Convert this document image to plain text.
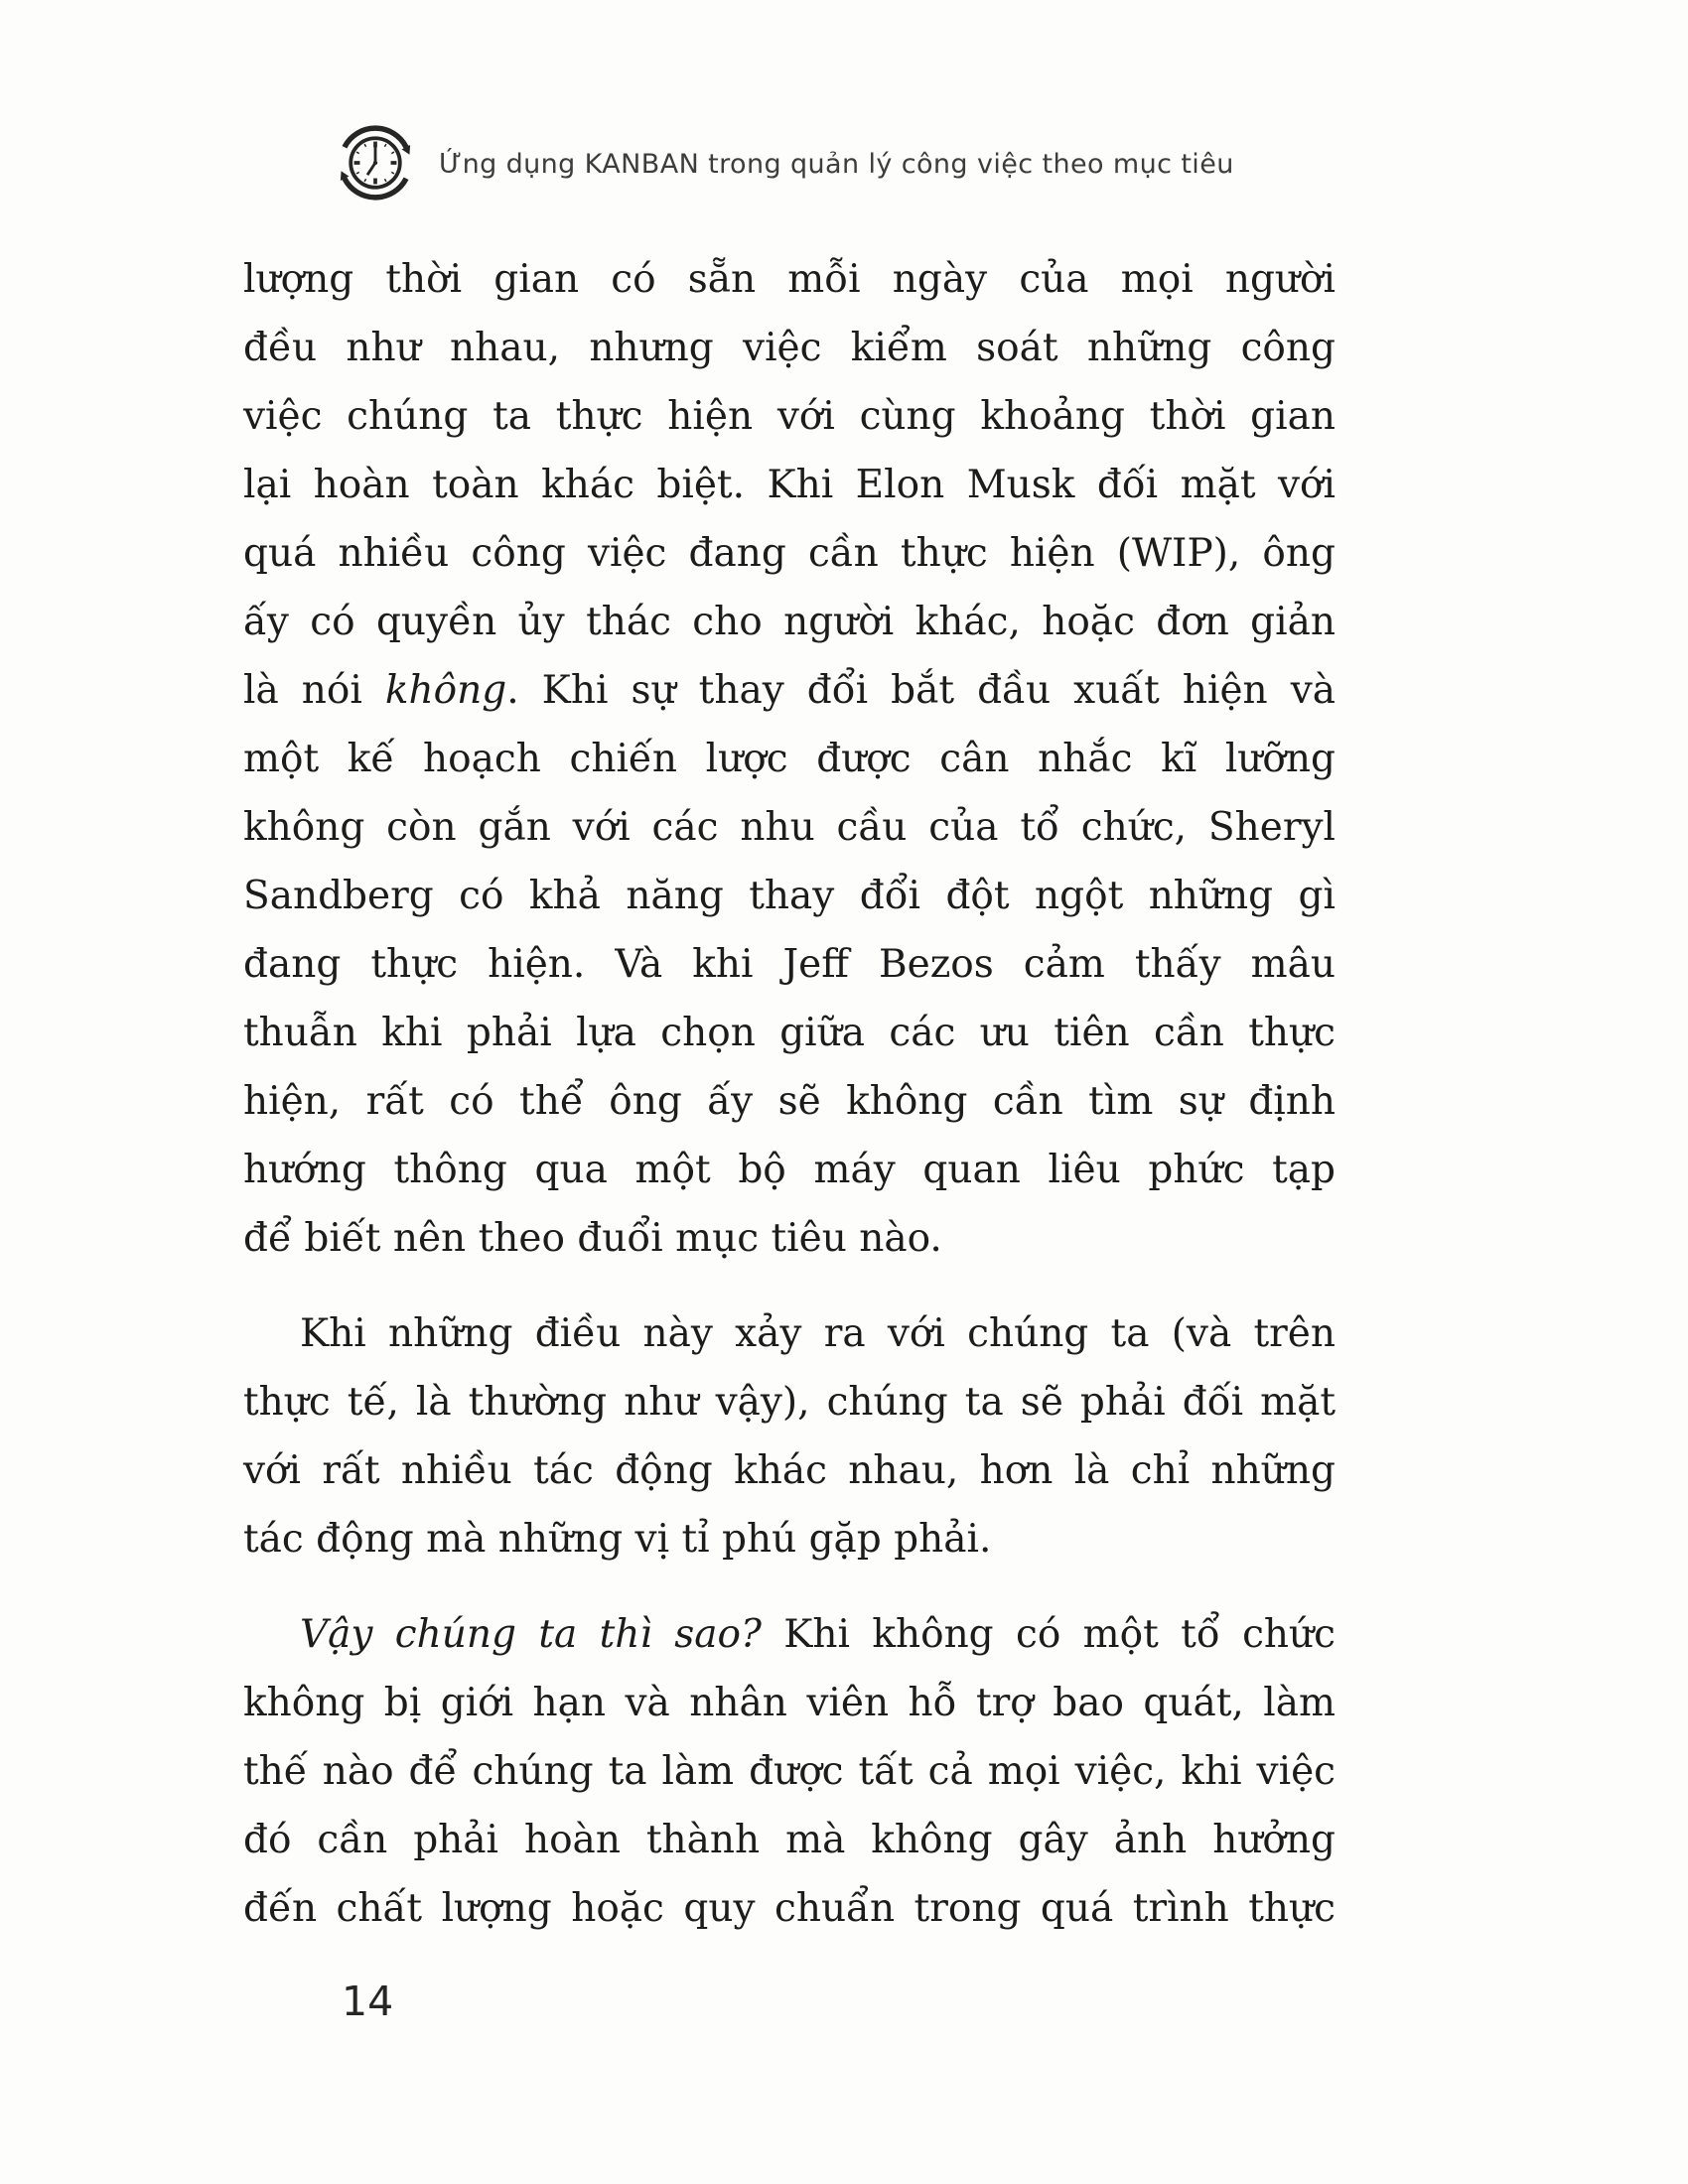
Ứng dụng KANBAN trong quản lý công việc theo mục tiêu
lượng thời gian có sẵn mỗi ngày của mọi người
đều như nhau, nhưng việc kiểm soát những công
việc chúng ta thực hiện với cùng khoảng thời gian
lại hoàn toàn khác biệt. Khi Elon Musk đối mặt với
quá nhiều công việc đang cần thực hiện (WIP), ông
ấy có quyền ủy thác cho người khác, hoặc đơn giản
là nói không. Khi sự thay đổi bắt đầu xuất hiện và
một kế hoạch chiến lược được cân nhắc kĩ lưỡng
không còn gắn với các nhu cầu của tổ chức, Sheryl
Sandberg có khả năng thay đổi đột ngột những gì
đang thực hiện. Và khi Jeff Bezos cảm thấy mâu
thuẫn khi phải lựa chọn giữa các ưu tiên cần thực
hiện, rất có thể ông ấy sẽ không cần tìm sự định
hướng thông qua một bộ máy quan liêu phức tạp
để biết nên theo đuổi mục tiêu nào.
Khi những điều này xảy ra với chúng ta (và trên
thực tế, là thường như vậy), chúng ta sẽ phải đối mặt
với rất nhiều tác động khác nhau, hơn là chỉ những
tác động mà những vị tỉ phú gặp phải.
Vậy chúng ta thì sao? Khi không có một tổ chức
không bị giới hạn và nhân viên hỗ trợ bao quát, làm
thế nào để chúng ta làm được tất cả mọi việc, khi việc
đó cần phải hoàn thành mà không gây ảnh hưởng
đến chất lượng hoặc quy chuẩn trong quá trình thực
14
